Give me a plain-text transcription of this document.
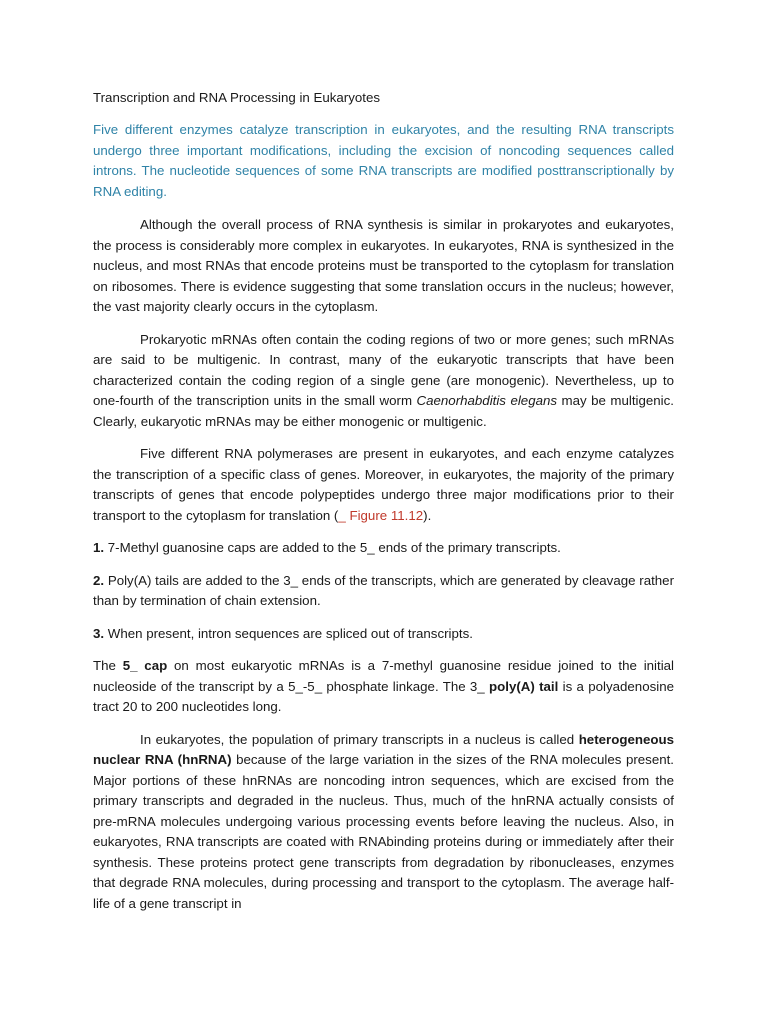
Transcription and RNA Processing in Eukaryotes

Five different enzymes catalyze transcription in eukaryotes, and the resulting RNA transcripts undergo three important modifications, including the excision of noncoding sequences called introns. The nucleotide sequences of some RNA transcripts are modified posttranscriptionally by RNA editing.

Although the overall process of RNA synthesis is similar in prokaryotes and eukaryotes, the process is considerably more complex in eukaryotes. In eukaryotes, RNA is synthesized in the nucleus, and most RNAs that encode proteins must be transported to the cytoplasm for translation on ribosomes. There is evidence suggesting that some translation occurs in the nucleus; however, the vast majority clearly occurs in the cytoplasm.

Prokaryotic mRNAs often contain the coding regions of two or more genes; such mRNAs are said to be multigenic. In contrast, many of the eukaryotic transcripts that have been characterized contain the coding region of a single gene (are monogenic). Nevertheless, up to one-fourth of the transcription units in the small worm Caenorhabditis elegans may be multigenic. Clearly, eukaryotic mRNAs may be either monogenic or multigenic.

Five different RNA polymerases are present in eukaryotes, and each enzyme catalyzes the transcription of a specific class of genes. Moreover, in eukaryotes, the majority of the primary transcripts of genes that encode polypeptides undergo three major modifications prior to their transport to the cytoplasm for translation (_ Figure 11.12).

1. 7-Methyl guanosine caps are added to the 5_ ends of the primary transcripts.

2. Poly(A) tails are added to the 3_ ends of the transcripts, which are generated by cleavage rather than by termination of chain extension.

3. When present, intron sequences are spliced out of transcripts.

The 5_ cap on most eukaryotic mRNAs is a 7-methyl guanosine residue joined to the initial nucleoside of the transcript by a 5_-5_ phosphate linkage. The 3_ poly(A) tail is a polyadenosine tract 20 to 200 nucleotides long.

In eukaryotes, the population of primary transcripts in a nucleus is called heterogeneous nuclear RNA (hnRNA) because of the large variation in the sizes of the RNA molecules present. Major portions of these hnRNAs are noncoding intron sequences, which are excised from the primary transcripts and degraded in the nucleus. Thus, much of the hnRNA actually consists of pre-mRNA molecules undergoing various processing events before leaving the nucleus. Also, in eukaryotes, RNA transcripts are coated with RNAbinding proteins during or immediately after their synthesis. These proteins protect gene transcripts from degradation by ribonucleases, enzymes that degrade RNA molecules, during processing and transport to the cytoplasm. The average half-life of a gene transcript in
